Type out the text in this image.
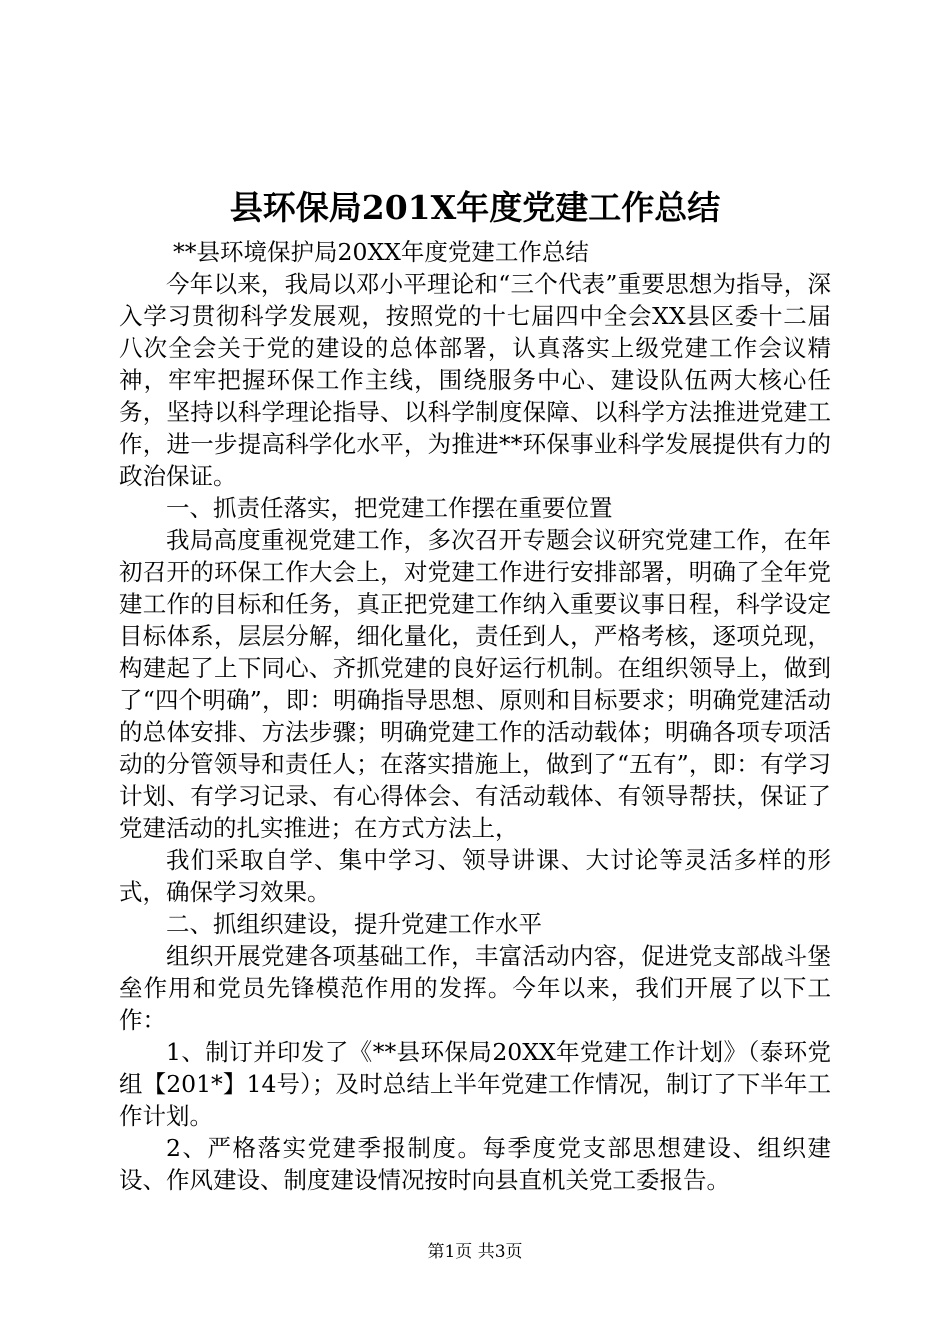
县环保局201X年度党建工作总结

**县环境保护局20XX年度党建工作总结

今年以来，我局以邓小平理论和“三个代表”重要思想为指导，深入学习贯彻科学发展观，按照党的十七届四中全会XX县区委十二届八次全会关于党的建设的总体部署，认真落实上级党建工作会议精神，牢牢把握环保工作主线，围绕服务中心、建设队伍两大核心任务，坚持以科学理论指导、以科学制度保障、以科学方法推进党建工作，进一步提高科学化水平，为推进**环保事业科学发展提供有力的政治保证。

一、抓责任落实，把党建工作摆在重要位置

我局高度重视党建工作，多次召开专题会议研究党建工作，在年初召开的环保工作大会上，对党建工作进行安排部署，明确了全年党建工作的目标和任务，真正把党建工作纳入重要议事日程，科学设定目标体系，层层分解，细化量化，责任到人，严格考核，逐项兑现，构建起了上下同心、齐抓党建的良好运行机制。在组织领导上，做到了“四个明确”，即：明确指导思想、原则和目标要求；明确党建活动的总体安排、方法步骤；明确党建工作的活动载体；明确各项专项活动的分管领导和责任人；在落实措施上，做到了“五有”，即：有学习计划、有学习记录、有心得体会、有活动载体、有领导帮扶，保证了党建活动的扎实推进；在方式方法上，

我们采取自学、集中学习、领导讲课、大讨论等灵活多样的形式，确保学习效果。

二、抓组织建设，提升党建工作水平

组织开展党建各项基础工作，丰富活动内容，促进党支部战斗堡垒作用和党员先锋模范作用的发挥。今年以来，我们开展了以下工作：

1、制订并印发了《**县环保局20XX年党建工作计划》（泰环党组【201*】14号）；及时总结上半年党建工作情况，制订了下半年工作计划。

2、严格落实党建季报制度。每季度党支部思想建设、组织建设、作风建设、制度建设情况按时向县直机关党工委报告。

第1页 共3页
